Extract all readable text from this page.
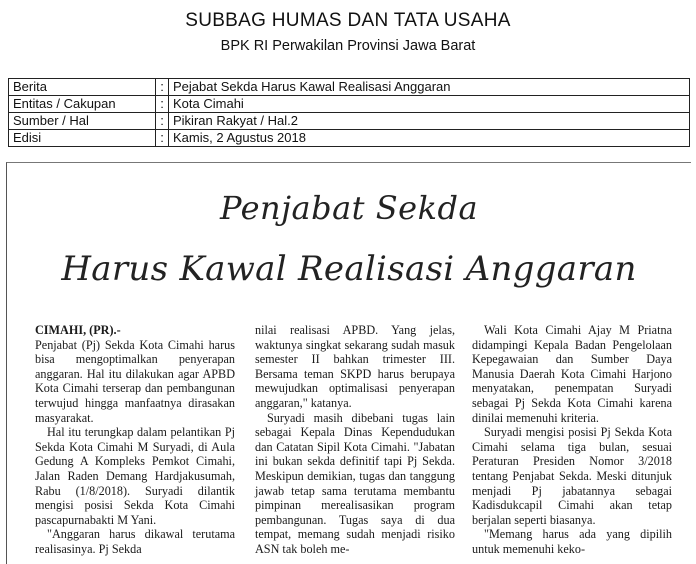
SUBBAG HUMAS DAN TATA USAHA
BPK RI Perwakilan Provinsi Jawa Barat
Berita	:	Pejabat Sekda Harus Kawal Realisasi Anggaran
Entitas / Cakupan	:	Kota Cimahi
Sumber / Hal	:	Pikiran Rakyat / Hal.2
Edisi	:	Kamis, 2 Agustus 2018
Penjabat Sekda
Harus Kawal Realisasi Anggaran
CIMAHI, (PR).-

Penjabat (Pj) Sekda Kota Cimahi harus bisa mengoptimalkan penyerapan anggaran. Hal itu dilakukan agar APBD Kota Cimahi terserap dan pembangunan terwujud hingga manfaatnya dirasakan masyarakat.

Hal itu terungkap dalam pelantikan Pj Sekda Kota Cimahi M Suryadi, di Aula Gedung A Kompleks Pemkot Cimahi, Jalan Raden Demang Hardjakusumah, Rabu (1/8/2018). Suryadi dilantik mengisi posisi Sekda Kota Cimahi pascapurnabakti M Yani.

"Anggaran harus dikawal terutama realisasinya. Pj Sekda

nilai realisasi APBD. Yang jelas, waktunya singkat sekarang sudah masuk semester II bahkan trimester III. Bersama teman SKPD harus berupaya mewujudkan optimalisasi penyerapan anggaran," katanya.

Suryadi masih dibebani tugas lain sebagai Kepala Dinas Kependudukan dan Catatan Sipil Kota Cimahi. "Jabatan ini bukan sekda definitif tapi Pj Sekda. Meskipun demikian, tugas dan tanggung jawab tetap sama terutama membantu pimpinan merealisasikan program pembangunan. Tugas saya di dua tempat, memang sudah menjadi risiko ASN tak boleh me-

Wali Kota Cimahi Ajay M Priatna didampingi Kepala Badan Pengelolaan Kepegawaian dan Sumber Daya Manusia Daerah Kota Cimahi Harjono menyatakan, penempatan Suryadi sebagai Pj Sekda Kota Cimahi karena dinilai memenuhi kriteria.

Suryadi mengisi posisi Pj Sekda Kota Cimahi selama tiga bulan, sesuai Peraturan Presiden Nomor 3/2018 tentang Penjabat Sekda. Meski ditunjuk menjadi Pj jabatannya sebagai Kadisdukcapil Cimahi akan tetap berjalan seperti biasanya.

"Memang harus ada yang dipilih untuk memenuhi keko-
